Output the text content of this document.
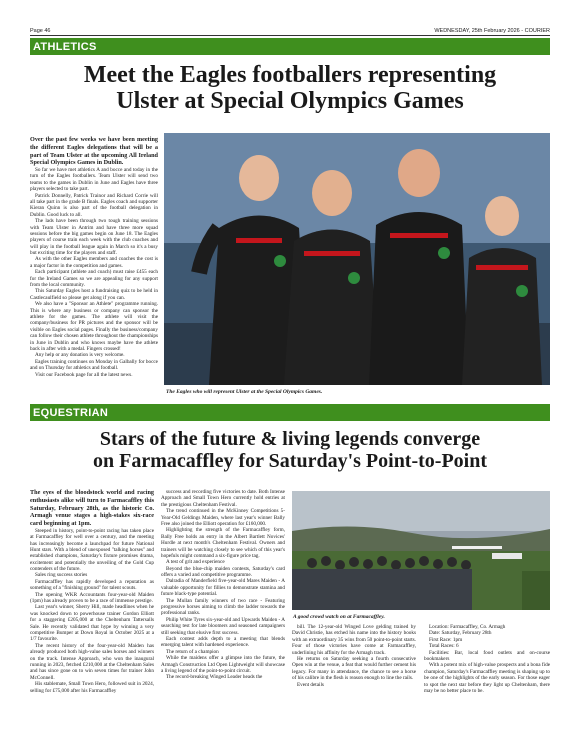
Page 46	WEDNESDAY, 25th February 2026 - COURIER
ATHLETICS
Meet the Eagles footballers representing
Ulster at Special Olympics Games

Over the past few weeks we have been meeting the different Eagles delegations that will be a part of Team Ulster at the upcoming All Ireland Special Olympics Games in Dublin.

So far we have met athletics A and bocce and today in the turn of the Eagles footballers. Team Ulster will send two teams to the games in Dublin in June and Eagles have three players selected to take part.

Patrick Donnelly, Patrick Trainor and Richard Corrie will all take part in the grade B finals. Eagles coach and supporter Kieran Quinn is also part of the football delegation in Dublin. Good luck to all.

The lads have been through two tough training sessions with Team Ulster in Antrim and have three more squad sessions before the big games begin on June 18. The Eagles players of course train each week with the club coaches and will play in the football league again in March so it's a busy but exciting time for the players and staff.

As with the other Eagles members and coaches the cost is a major factor in the competition and games.

Each participant (athlete and coach) must raise £455 each for the Ireland Games so we are appealing for any support from the local community.

This Saturday Eagles host a fundraising quiz to be held in Castlecaulfield so please get along if you can.

We also have a "Sponsor an Athlete" programme running. This is where any business or company can sponsor the athlete for the games. The athlete will visit the company/business for PR pictures and the sponsor will be visible on Eagles social pages. Finally the business/company can follow their chosen athlete throughout the championships in June in Dublin and who knows maybe have the athlete back in after with a medal. Fingers crossed!

Any help or any donation is very welcome.

Eagles training continues on Monday in Galbally for bocce and on Thursday for athletics and football.

Visit our Facebook page for all the latest news.

The Eagles who will represent Ulster at the Special Olympics Games.
EQUESTRIAN
Stars of the future & living legends converge
on Farmacaffley for Saturday's Point-to-Point

The eyes of the bloodstock world and racing enthusiasts alike will turn to Farmacaffley this Saturday, February 28th, as the historic Co. Armagh venue stages a high-stakes six-race card beginning at 1pm.

Steeped in history, point-to-point racing has taken place at Farmacaffley for well over a century, and the meeting has increasingly become a launchpad for future National Hunt stars. With a blend of unexposed "talking horses" and established champions, Saturday's fixture promises drama, excitement and potentially the unveiling of the Gold Cup contenders of the future.

Sales ring success stories

Farmacaffley has rapidly developed a reputation as something of a "finishing ground" for talent scouts.

The opening WKR Accountants four-year-old Maiden (1pm) has already proven to be a race of immense prestige.

Last year's winner, Sherry Hill, made headlines when he was knocked down to powerhouse trainer Gordon Elliott for a staggering £205,000 at the Cheltenham Tattersalls Sale. He recently validated that hype by winning a very competitive Bumper at Down Royal in October 2025 at a 1/7 favourite.

The recent history of the four-year-old Maiden has already produced both high-value sales horses and winners on the track. Intense Approach, who won the inaugural running in 2023, fetched £210,000 at the Cheltenham Sales and has since gone on to win seven times for trainer John McConnell.

His stablemate, Small Town Hero, followed suit in 2024, selling for £75,000 after his Farmacaffley

success and recording five victories to date. Both Intense Approach and Small Town Hero currently hold entries at the prestigious Cheltenham Festival.

The trend continued in the McKinney Competitions 5-Year-Old Geldings Maiden, where last year's winner Bally Free also joined the Elliott operation for £160,000.

Highlighting the strength of the Farmacaffley form, Bally Free holds an entry in the Albert Bartlett Novices' Hurdle at next month's Cheltenham Festival. Owners and trainers will be watching closely to see which of this year's hopefuls might command a six-figure price tag.

A test of grit and experience

Beyond the blue-chip maiden contests, Saturday's card offers a varied and competitive programme.

Dalradia of Manderfield five-year-old Mares Maiden - A valuable opportunity for fillies to demonstrate stamina and future black-type potential.

The Mullan family winners of two race - Featuring progressive horses aiming to climb the ladder towards the professional ranks.

Philip White Tyres six-year-old and Upwards Maiden - A searching test for late bloomers and seasoned campaigners still seeking that elusive first success.

Each contest adds depth to a meeting that blends emerging talent with hardened experience.

The return of a champion

While the maidens offer a glimpse into the future, the Armagh Construction Ltd Open Lightweight will showcase a living legend of the point-to-point circuit.

The record-breaking Winged Leader heads the

A good crowd watch on at Farmacaffley.

bill. The 12-year-old Winged Love gelding trained by David Christie, has etched his name into the history books with an extraordinary 35 wins from 50 point-to-point starts. Four of those victories have come at Farmacaffley, underlining his affinity for the Armagh track.

He returns on Saturday seeking a fourth consecutive Open win at the venue, a feat that would further cement his legacy. For many in attendance, the chance to see a horse of his calibre in the flesh is reason enough to line the rails.

Event details

Location: Farmacaffley, Co. Armagh

Date: Saturday, February 28th

First Race: 1pm

Total Races: 6

Facilities: Bar, local food outlets and on-course bookmakers

With a potent mix of high-value prospects and a bona fide champion, Saturday's Farmacaffley meeting is shaping up to be one of the highlights of the early season. For those eager to spot the next star before they light up Cheltenham, there may be no better place to be.
